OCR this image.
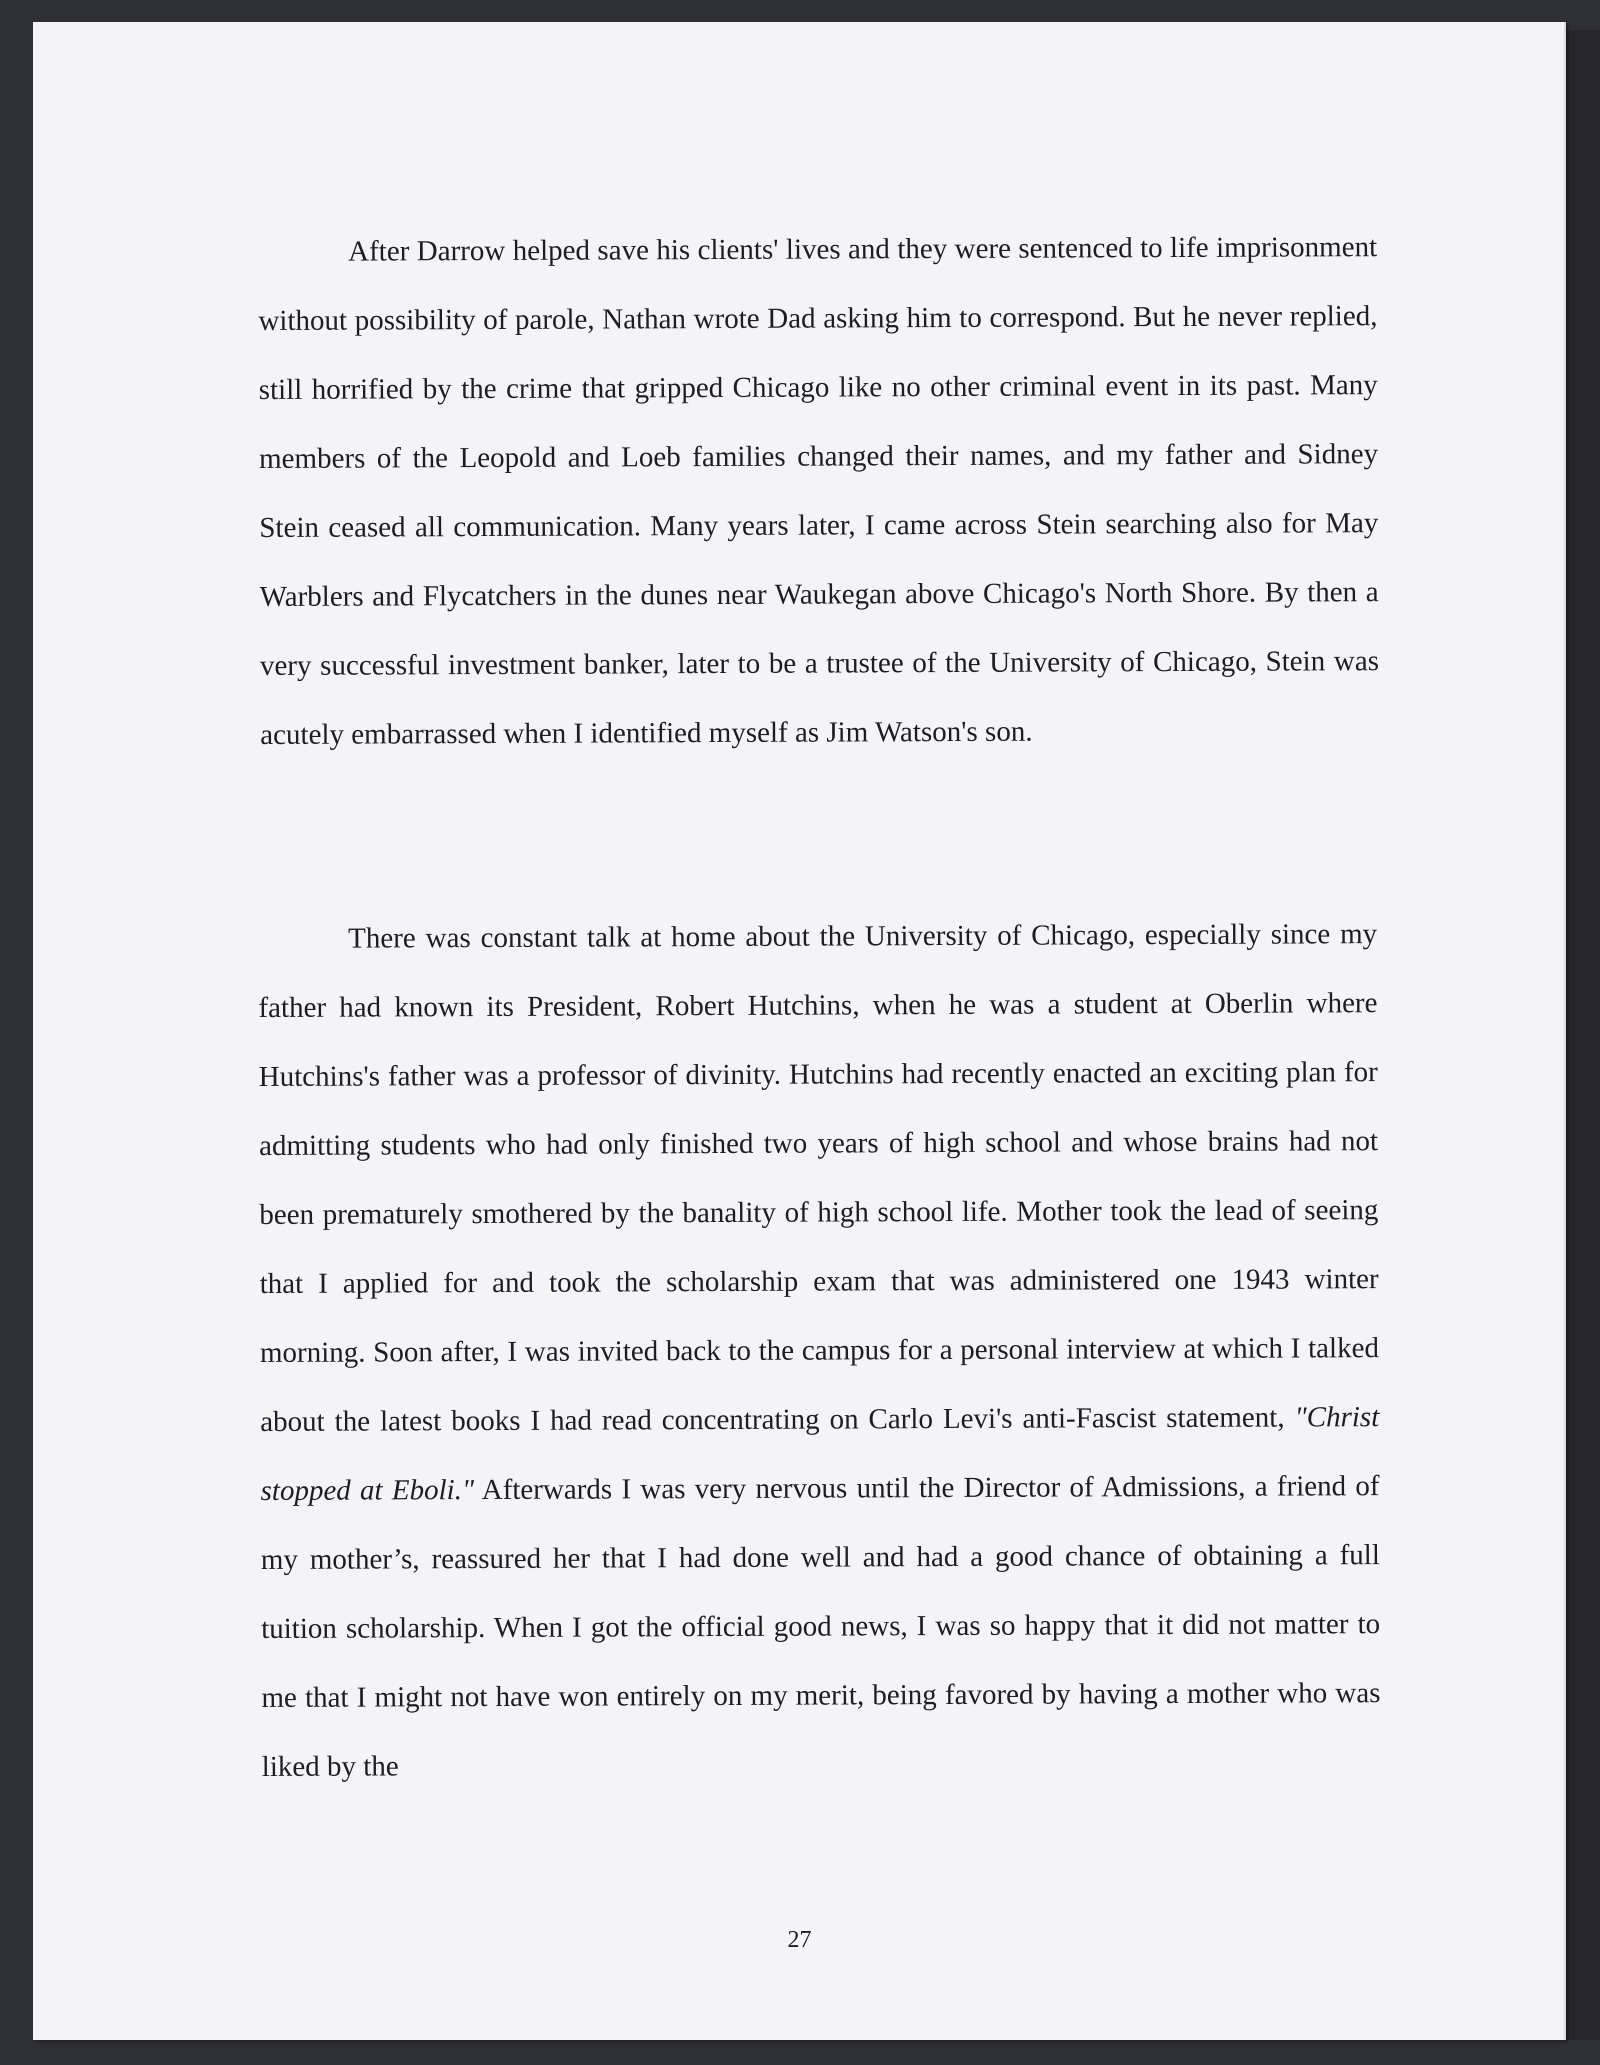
After Darrow helped save his clients' lives and they were sentenced to life imprisonment without possibility of parole, Nathan wrote Dad asking him to correspond. But he never replied, still horrified by the crime that gripped Chicago like no other criminal event in its past. Many members of the Leopold and Loeb families changed their names, and my father and Sidney Stein ceased all communication. Many years later, I came across Stein searching also for May Warblers and Flycatchers in the dunes near Waukegan above Chicago's North Shore. By then a very successful investment banker, later to be a trustee of the University of Chicago, Stein was acutely embarrassed when I identified myself as Jim Watson's son.

There was constant talk at home about the University of Chicago, especially since my father had known its President, Robert Hutchins, when he was a student at Oberlin where Hutchins's father was a professor of divinity. Hutchins had recently enacted an exciting plan for admitting students who had only finished two years of high school and whose brains had not been prematurely smothered by the banality of high school life. Mother took the lead of seeing that I applied for and took the scholarship exam that was administered one 1943 winter morning. Soon after, I was invited back to the campus for a personal interview at which I talked about the latest books I had read concentrating on Carlo Levi's anti-Fascist statement, "Christ stopped at Eboli." Afterwards I was very nervous until the Director of Admissions, a friend of my mother’s, reassured her that I had done well and had a good chance of obtaining a full tuition scholarship. When I got the official good news, I was so happy that it did not matter to me that I might not have won entirely on my merit, being favored by having a mother who was liked by the

27
